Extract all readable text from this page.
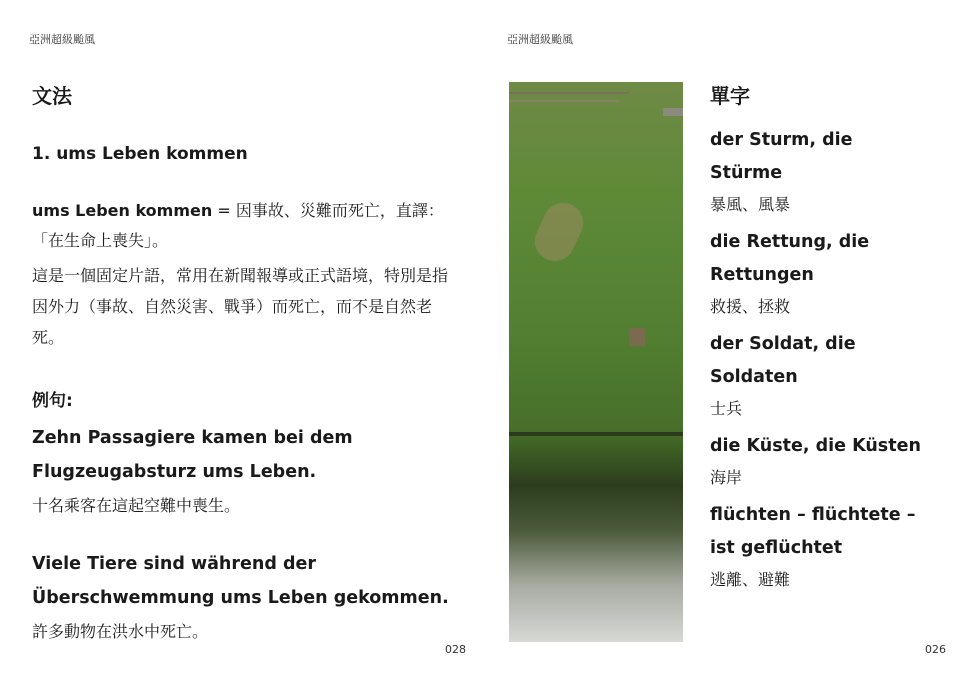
亞洲超級颱風
文法
1. ums Leben kommen
ums Leben kommen = 因事故、災難而死亡，直譯：「在生命上喪失」。
這是一個固定片語，常用在新聞報導或正式語境，特別是指 因外力（事故、自然災害、戰爭）而死亡，而不是自然老死。
例句:
Zehn Passagiere kamen bei dem Flugzeugabsturz ums Leben.
十名乘客在這起空難中喪生。
Viele Tiere sind während der Überschwemmung ums Leben gekommen.
許多動物在洪水中死亡。
028
亞洲超級颱風
單字
der Sturm, die Stürme
暴風、風暴
die Rettung, die Rettungen
救援、拯救
der Soldat, die Soldaten
士兵
die Küste, die Küsten
海岸
flüchten – flüchtete – ist geflüchtet
逃離、避難
026
